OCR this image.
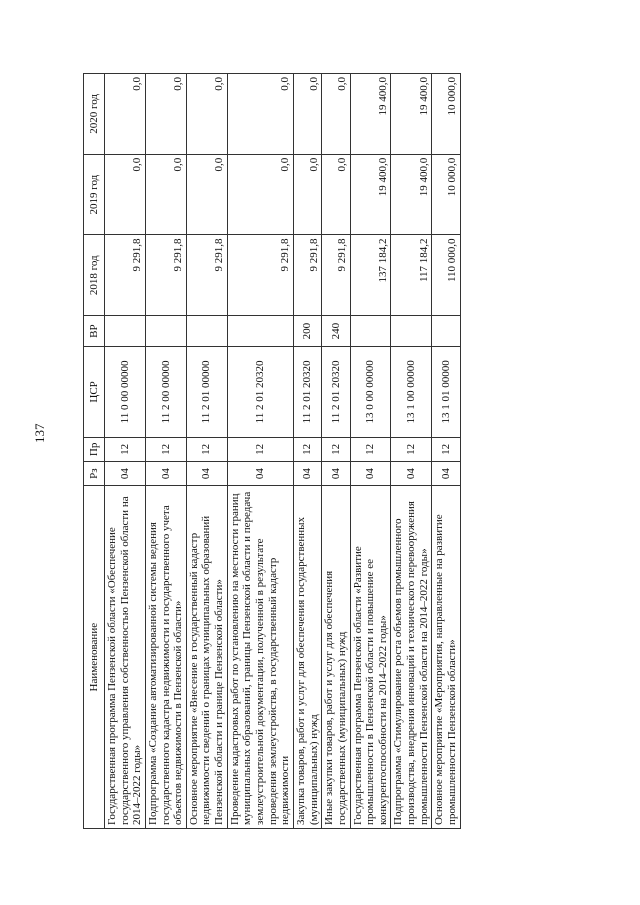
137
Наименование	Рз	Пр	ЦСР	ВР	2018 год	2019 год	2020 год
Государственная программа Пензенской области «Обеспечение государственного управления собственностью Пензенской области на 2014–2022 годы»	04	12	11 0 00 00000		9 291,8	0,0	0,0
Подпрограмма «Создание автоматизированной системы ведения государственного кадастра недвижимости и государственного учета объектов недвижимости в Пензенской области»	04	12	11 2 00 00000		9 291,8	0,0	0,0
Основное мероприятие «Внесение в государственный кадастр недвижимости сведений о границах муниципальных образований Пензенской области и границе Пензенской области»	04	12	11 2 01 00000		9 291,8	0,0	0,0
Проведение кадастровых работ по установлению на местности границ муниципальных образований, границы Пензенской области и передача землеустроительной документации, полученной в результате проведения землеустройства, в государственный кадастр недвижимости	04	12	11 2 01 20320		9 291,8	0,0	0,0
Закупка товаров, работ и услуг для обеспечения государственных (муниципальных) нужд	04	12	11 2 01 20320	200	9 291,8	0,0	0,0
Иные закупки товаров, работ и услуг для обеспечения государственных (муниципальных) нужд	04	12	11 2 01 20320	240	9 291,8	0,0	0,0
Государственная программа Пензенской области «Развитие промышленности в Пензенской области и повышение ее конкурентоспособности на 2014–2022 годы»	04	12	13 0 00 00000		137 184,2	19 400,0	19 400,0
Подпрограмма «Стимулирование роста объемов промышленного производства, внедрения инноваций и технического перевооружения промышленности Пензенской области на 2014–2022 годы»	04	12	13 1 00 00000		117 184,2	19 400,0	19 400,0
Основное мероприятие «Мероприятия, направленные на развитие промышленности Пензенской области»	04	12	13 1 01 00000		110 000,0	10 000,0	10 000,0
